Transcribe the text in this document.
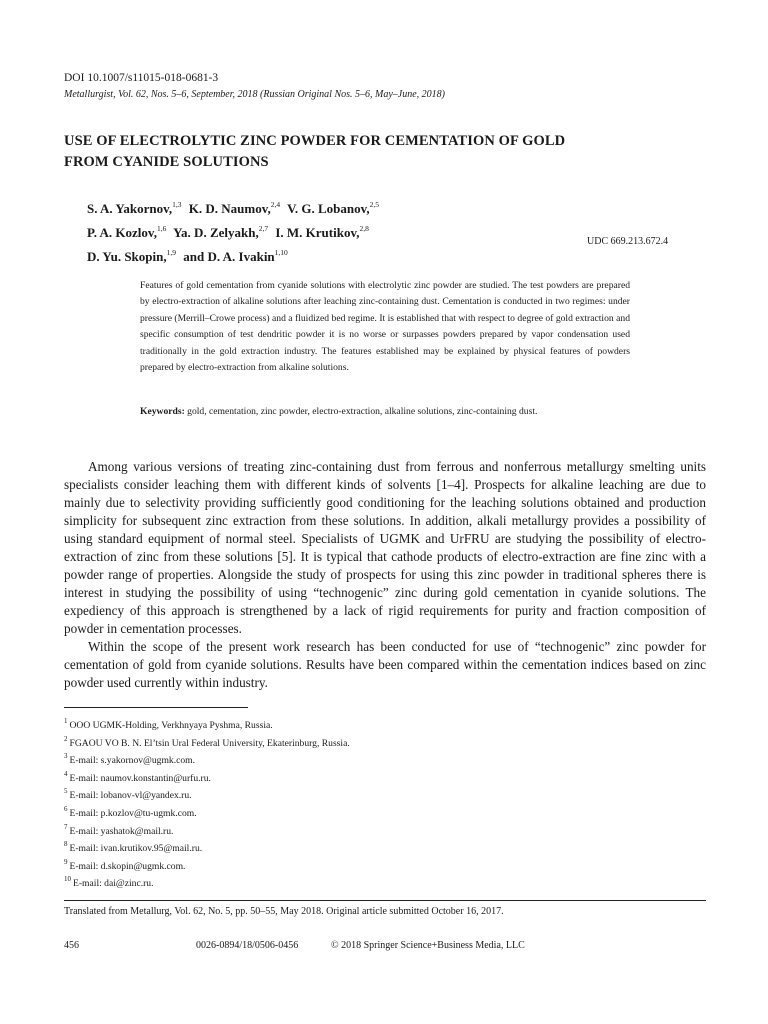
DOI 10.1007/s11015-018-0681-3
Metallurgist, Vol. 62, Nos. 5–6, September, 2018 (Russian Original Nos. 5–6, May–June, 2018)
USE OF ELECTROLYTIC ZINC POWDER FOR CEMENTATION OF GOLD
FROM CYANIDE SOLUTIONS
S. A. Yakornov,$^{1,3}$ K. D. Naumov,$^{2,4}$ V. G. Lobanov,$^{2,5}$
P. A. Kozlov,$^{1,6}$ Ya. D. Zelyakh,$^{2,7}$ I. M. Krutikov,$^{2,8}$
D. Yu. Skopin,$^{1,9}$ and D. A. Ivakin$^{1,10}$
UDC 669.213.672.4
Features of gold cementation from cyanide solutions with electrolytic zinc powder are studied. The test powders are prepared by electro-extraction of alkaline solutions after leaching zinc-containing dust. Cementation is conducted in two regimes: under pressure (Merrill–Crowe process) and a fluidized bed regime. It is established that with respect to degree of gold extraction and specific consumption of test dendritic powder it is no worse or surpasses powders prepared by vapor condensation used traditionally in the gold extraction industry. The features established may be explained by physical features of powders prepared by electro-extraction from alkaline solutions.
Keywords: gold, cementation, zinc powder, electro-extraction, alkaline solutions, zinc-containing dust.

Among various versions of treating zinc-containing dust from ferrous and nonferrous metallurgy smelting units specialists consider leaching them with different kinds of solvents [1–4]. Prospects for alkaline leaching are due to mainly due to selectivity providing sufficiently good conditioning for the leaching solutions obtained and production simplicity for subsequent zinc extraction from these solutions. In addition, alkali metallurgy provides a possibility of using standard equipment of normal steel. Specialists of UGMK and UrFRU are studying the possibility of electro-extraction of zinc from these solutions [5]. It is typical that cathode products of electro-extraction are fine zinc with a powder range of properties. Alongside the study of prospects for using this zinc powder in traditional spheres there is interest in studying the possibility of using “technogenic” zinc during gold cementation in cyanide solutions. The expediency of this approach is strengthened by a lack of rigid requirements for purity and fraction composition of powder in cementation processes.

Within the scope of the present work research has been conducted for use of “technogenic” zinc powder for cementation of gold from cyanide solutions. Results have been compared within the cementation indices based on zinc powder used currently within industry.

$^1$ OOO UGMK-Holding, Verkhnyaya Pyshma, Russia.
$^2$ FGAOU VO B. N. El’tsin Ural Federal University, Ekaterinburg, Russia.
$^3$ E-mail: s.yakornov@ugmk.com.
$^4$ E-mail: naumov.konstantin@urfu.ru.
$^5$ E-mail: lobanov-vl@yandex.ru.
$^6$ E-mail: p.kozlov@tu-ugmk.com.
$^7$ E-mail: yashatok@mail.ru.
$^8$ E-mail: ivan.krutikov.95@mail.ru.
$^9$ E-mail: d.skopin@ugmk.com.
$^{10}$ E-mail: dai@zinc.ru.
Translated from Metallurg, Vol. 62, No. 5, pp. 50–55, May 2018. Original article submitted October 16, 2017.
456	0026-0894/18/0506-0456	© 2018 Springer Science+Business Media, LLC
